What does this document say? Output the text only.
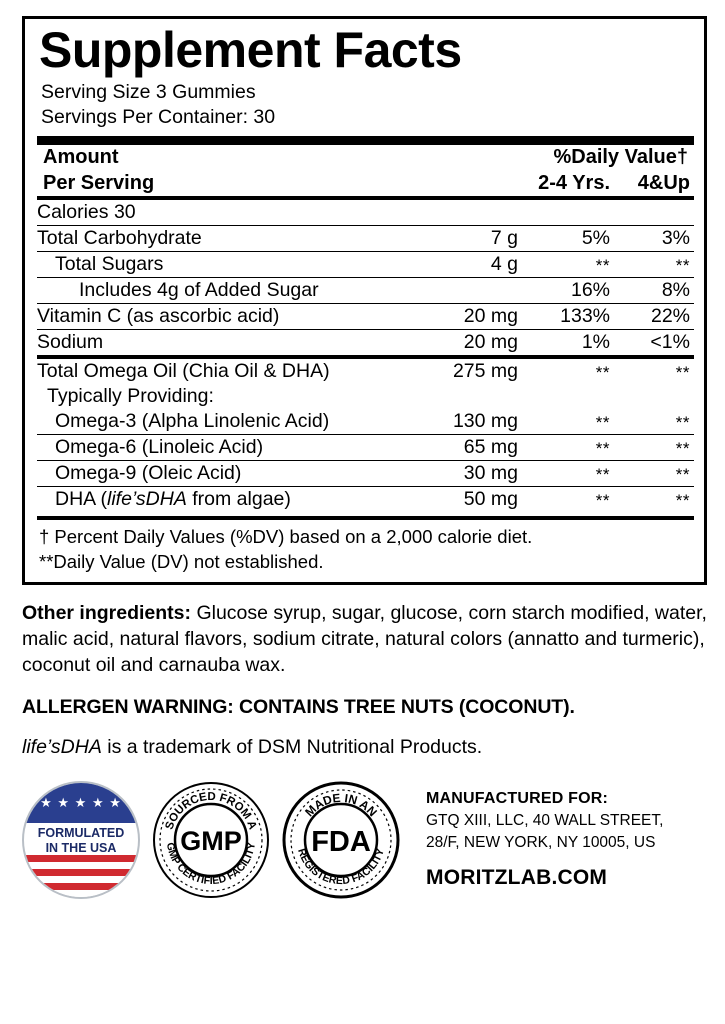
Supplement Facts
Serving Size 3 Gummies
Servings Per Container: 30
Amount		%Daily Value†	
Per Serving		2-4 Yrs.	4&Up
Calories 30			
Total Carbohydrate	7 g	5%	3%
Total Sugars	4 g	**	**
Includes 4g of Added Sugar		16%	8%
Vitamin C (as ascorbic acid)	20 mg	133%	22%
Sodium	20 mg	1%	<1%
Total Omega Oil (Chia Oil & DHA)	275 mg	**	**
Typically Providing:			
Omega-3 (Alpha Linolenic Acid)	130 mg	**	**
Omega-6 (Linoleic Acid)	65 mg	**	**
Omega-9 (Oleic Acid)	30 mg	**	**
DHA (life’sDHA from algae)	50 mg	**	**
† Percent Daily Values (%DV) based on a 2,000 calorie diet.
**Daily Value (DV) not established.
Other ingredients: Glucose syrup, sugar, glucose, corn starch modified, water, malic acid, natural flavors, sodium citrate, natural colors (annatto and turmeric), coconut oil and carnauba wax.
ALLERGEN WARNING: CONTAINS TREE NUTS (COCONUT).
life’sDHA is a trademark of DSM Nutritional Products.
★ ★ ★ ★ ★
FORMULATED
IN THE USA
SOURCED FROM A
GMP CERTIFIED FACILITY
GMP
MADE IN AN
REGISTERED FACILITY
FDA
MANUFACTURED FOR:
GTQ XIII, LLC, 40 WALL STREET,
28/F, NEW YORK, NY 10005, US
MORITZLAB.COM
